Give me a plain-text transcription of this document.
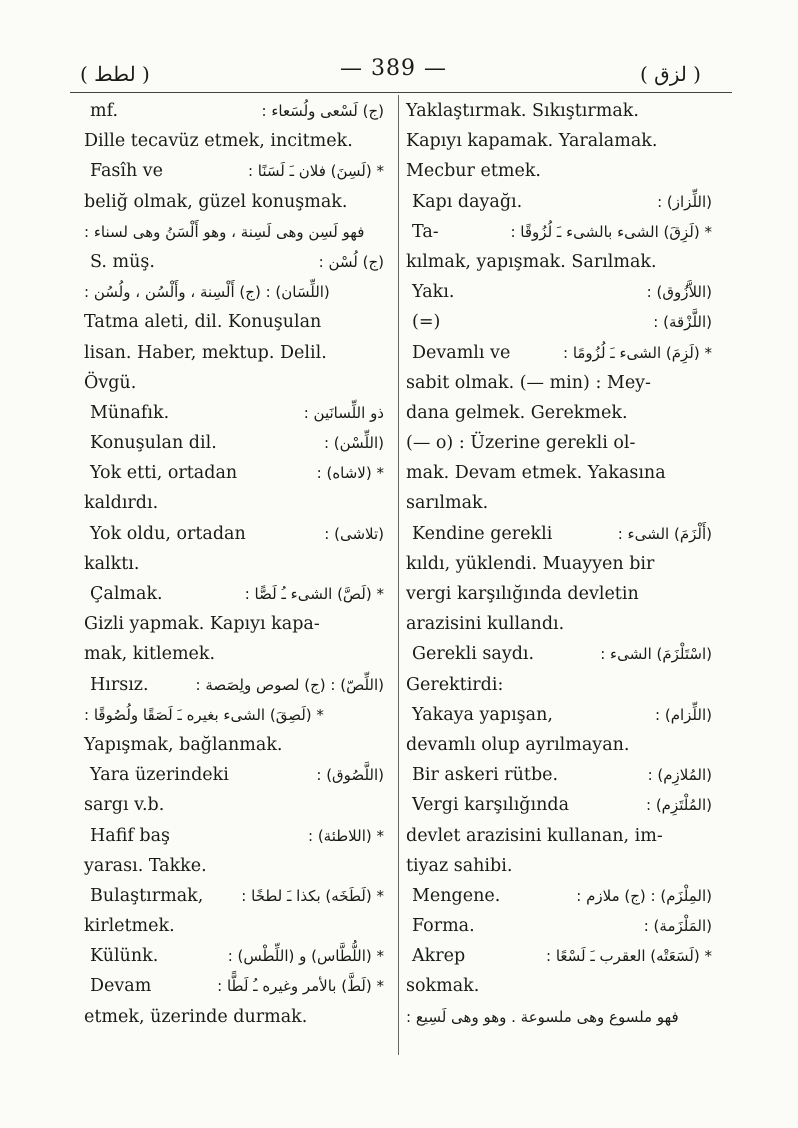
( لطط )	— 389 —	( لزق )
mf.	(ج) لَسْعى ولُسَعاء :
Dille tecavüz etmek, incitmek.
Fasîh ve	* (لَسِنَ) فلان ـَ لَسَنًا :
beliğ olmak, güzel konuşmak.
فهو لَسِن وهى لَسِنة ، وهو أَلْسَنُ وهى لسناء :
S. müş.	(ج) لُسْن :
(اللِّسَان) : (ج) أَلْسِنة ، وأَلْسُن ، ولُسُن :
Tatma aleti, dil. Konuşulan
lisan. Haber, mektup. Delil.
Övgü.
Münafık.	ذو اللِّسانَين :
Konuşulan dil.	(اللِّسْن) :
Yok etti, ortadan	* (لاشاه) :
kaldırdı.
Yok oldu, ortadan	(تلاشى) :
kalktı.
Çalmak.	* (لَصَّ) الشىء ـُ لَصًّا :
Gizli yapmak. Kapıyı kapa-
mak, kitlemek.
Hırsız.	(اللِّصّ) : (ج) لصوص ولِصَصة :
* (لَصِقَ) الشىء بغيره ـَ لَصَقًا ولُصُوقًا :
Yapışmak, bağlanmak.
Yara üzerindeki	(اللَّصُوق) :
sargı v.b.
Hafif baş	* (اللاطئة) :
yarası. Takke.
Bulaştırmak,	* (لَطَخَه) بكذا ـَ لطخًا :
kirletmek.
Külünk.	* (اللُّطَّاس) و (اللِّطْس) :
Devam	* (لَطَّ) بالأمر وغيره ـُ لَطًّا :
etmek, üzerinde durmak.
Yaklaştırmak. Sıkıştırmak.
Kapıyı kapamak. Yaralamak.
Mecbur etmek.
Kapı dayağı.	(اللِّزاز) :
Ta-	* (لَزِقَ) الشىء بالشىء ـَ لُزُوقًا :
kılmak, yapışmak. Sarılmak.
Yakı.	(اللاَّزُوق) :
(=)	(اللَّزْقة) :
Devamlı ve	* (لَزِمَ) الشىء ـَ لُزُومًا :
sabit olmak. (— min) : Mey-
dana gelmek. Gerekmek.
(— o) : Üzerine gerekli ol-
mak. Devam etmek. Yakasına
sarılmak.
Kendine gerekli	(أَلْزَمَ) الشىء :
kıldı, yüklendi. Muayyen bir
vergi karşılığında devletin
arazisini kullandı.
Gerekli saydı.	(اسْتَلْزَمَ) الشىء :
Gerektirdi:
Yakaya yapışan,	(اللِّزام) :
devamlı olup ayrılmayan.
Bir askeri rütbe.	(المُلازِم) :
Vergi karşılığında	(المُلْتَزِم) :
devlet arazisini kullanan, im-
tiyaz sahibi.
Mengene.	(المِلْزَم) : (ج) ملازم :
Forma.	(المَلْزَمة) :
Akrep	* (لَسَعَتْه) العقرب ـَ لَسْعًا :
sokmak.
فهو ملسوع وهى ملسوعة . وهو وهى لَسِيع :
